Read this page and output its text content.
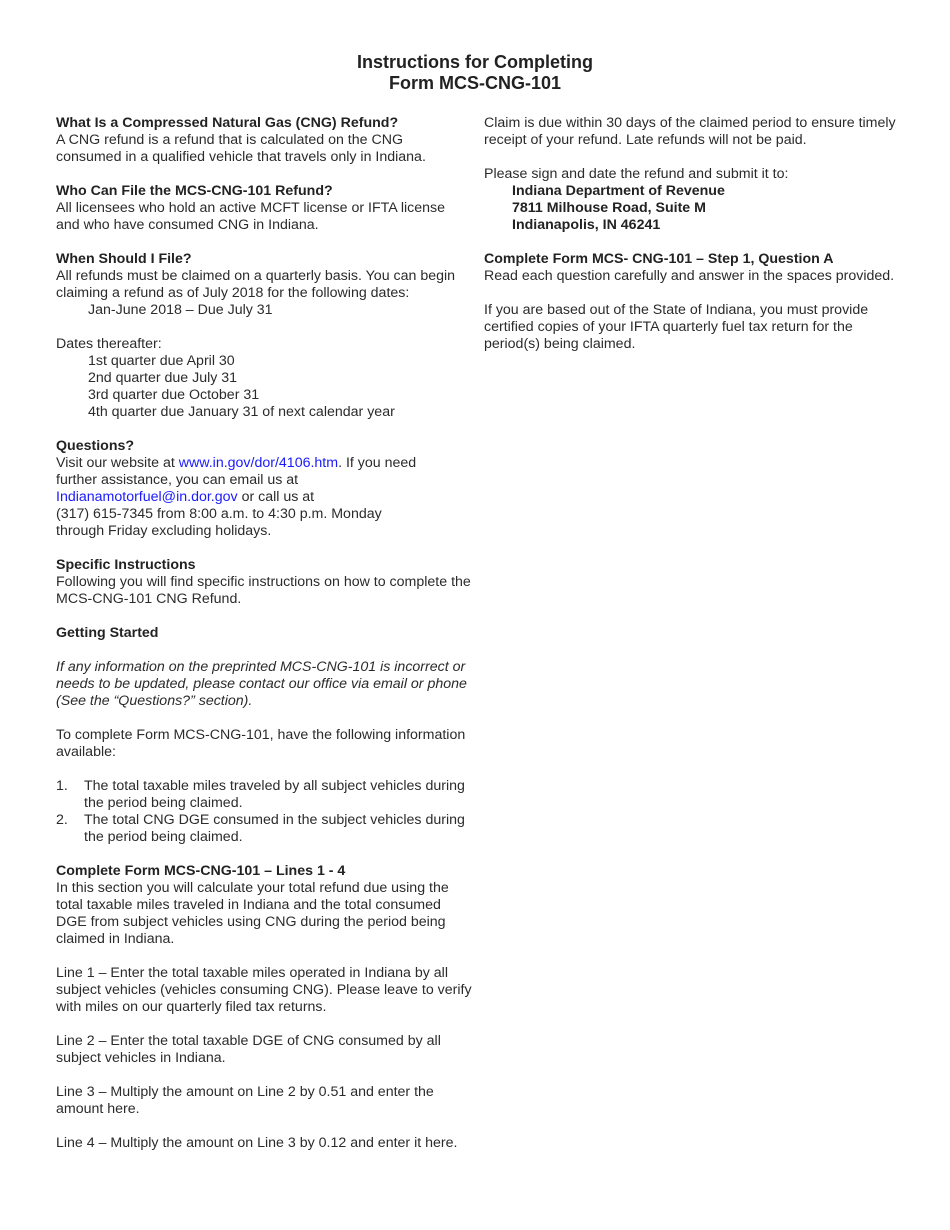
Instructions for Completing
Form MCS-CNG-101
What Is a Compressed Natural Gas (CNG) Refund?
A CNG refund is a refund that is calculated on the CNG
consumed in a qualified vehicle that travels only in Indiana.
Who Can File the MCS-CNG-101 Refund?
All licensees who hold an active MCFT license or IFTA license
and who have consumed CNG in Indiana.
When Should I File?
All refunds must be claimed on a quarterly basis. You can begin
claiming a refund as of July 2018 for the following dates:
Jan-June 2018 – Due July 31
Dates thereafter:
1st quarter due April 30
2nd quarter due July 31
3rd quarter due October 31
4th quarter due January 31 of next calendar year
Questions?
Visit our website at www.in.gov/dor/4106.htm. If you need
further assistance, you can email us at
Indianamotorfuel@in.dor.gov or call us at
(317) 615-7345 from 8:00 a.m. to 4:30 p.m. Monday
through Friday excluding holidays.
Specific Instructions
Following you will find specific instructions on how to complete the
MCS-CNG-101 CNG Refund.
Getting Started
If any information on the preprinted MCS-CNG-101 is incorrect or
needs to be updated, please contact our office via email or phone
(See the “Questions?” section).
To complete Form MCS-CNG-101, have the following information
available:
1.	The total taxable miles traveled by all subject vehicles during
the period being claimed.
2.	The total CNG DGE consumed in the subject vehicles during
the period being claimed.
Complete Form MCS-CNG-101 – Lines 1 - 4
In this section you will calculate your total refund due using the
total taxable miles traveled in Indiana and the total consumed
DGE from subject vehicles using CNG during the period being
claimed in Indiana.
Line 1 – Enter the total taxable miles operated in Indiana by all
subject vehicles (vehicles consuming CNG). Please leave to verify
with miles on our quarterly filed tax returns.
Line 2 – Enter the total taxable DGE of CNG consumed by all
subject vehicles in Indiana.
Line 3 – Multiply the amount on Line 2 by 0.51 and enter the
amount here.
Line 4 – Multiply the amount on Line 3 by 0.12 and enter it here.
Claim is due within 30 days of the claimed period to ensure timely
receipt of your refund. Late refunds will not be paid.
Please sign and date the refund and submit it to:
Indiana Department of Revenue
7811 Milhouse Road, Suite M
Indianapolis, IN 46241
Complete Form MCS- CNG-101 – Step 1, Question A
Read each question carefully and answer in the spaces provided.
If you are based out of the State of Indiana, you must provide
certified copies of your IFTA quarterly fuel tax return for the
period(s) being claimed.
